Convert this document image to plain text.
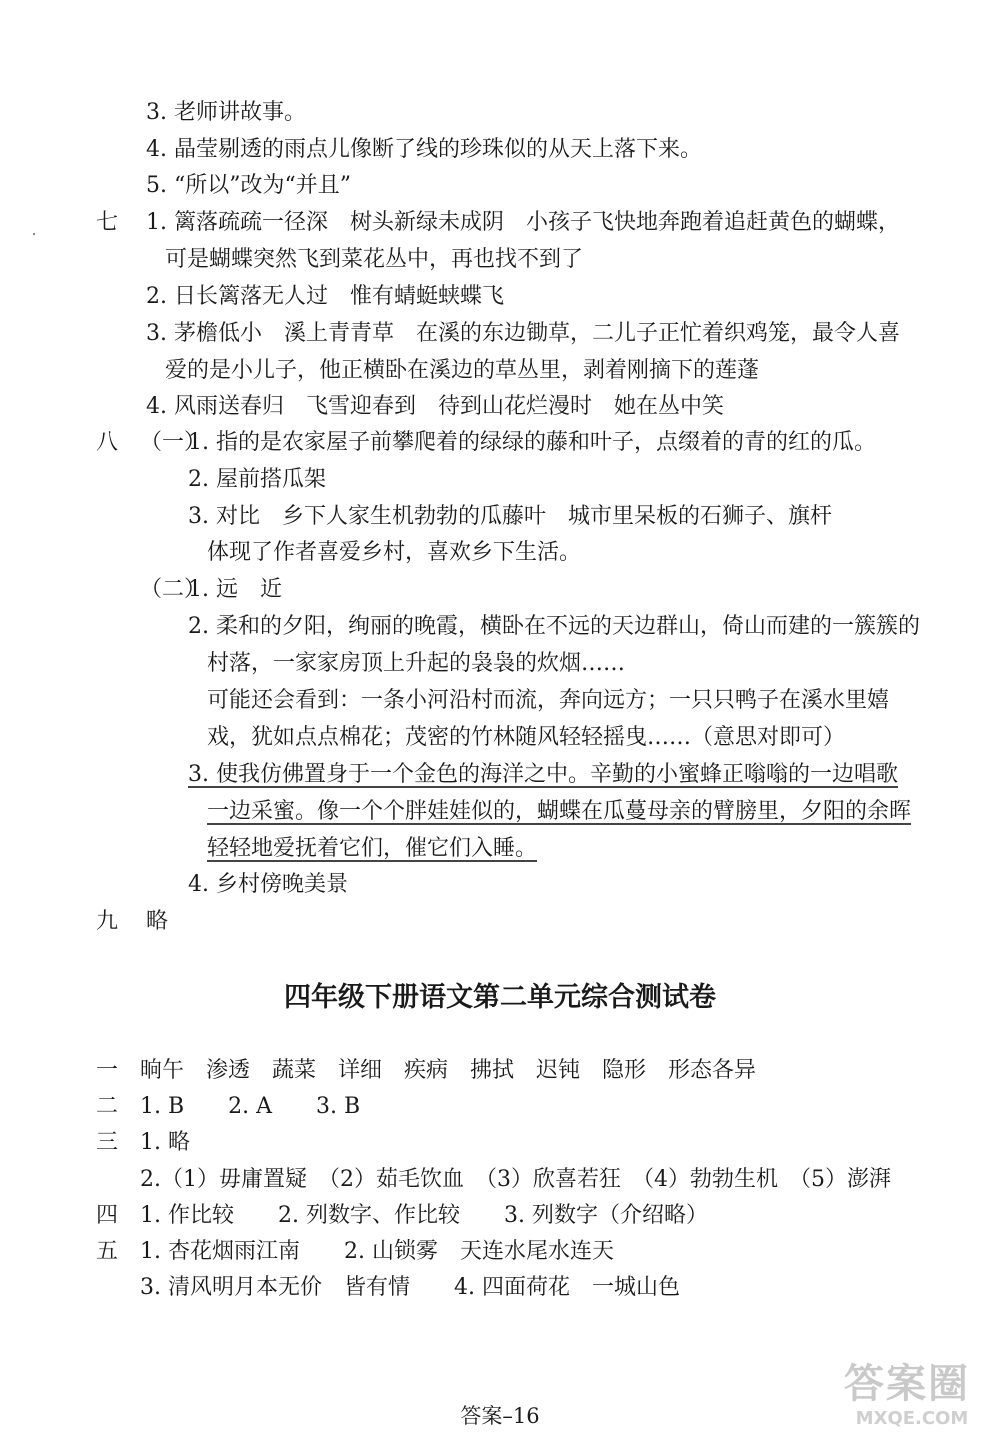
3. 老师讲故事。
4. 晶莹剔透的雨点儿像断了线的珍珠似的从天上落下来。
5. “所以”改为“并且”
七 1. 篱落疏疏一径深　树头新绿未成阴　小孩子飞快地奔跑着追赶黄色的蝴蝶，
可是蝴蝶突然飞到菜花丛中，再也找不到了
2. 日长篱落无人过　惟有蜻蜓蛱蝶飞
3. 茅檐低小　溪上青青草　在溪的东边锄草，二儿子正忙着织鸡笼，最令人喜
爱的是小儿子，他正横卧在溪边的草丛里，剥着刚摘下的莲蓬
4. 风雨送春归　飞雪迎春到　待到山花烂漫时　她在丛中笑
八 （一）
1. 指的是农家屋子前攀爬着的绿绿的藤和叶子，点缀着的青的红的瓜。
2. 屋前搭瓜架
3. 对比　乡下人家生机勃勃的瓜藤叶　城市里呆板的石狮子、旗杆
体现了作者喜爱乡村，喜欢乡下生活。
（二）
1. 远　近
2. 柔和的夕阳，绚丽的晚霞，横卧在不远的天边群山，倚山而建的一簇簇的
村落，一家家房顶上升起的袅袅的炊烟……
可能还会看到：一条小河沿村而流，奔向远方；一只只鸭子在溪水里嬉
戏，犹如点点棉花；茂密的竹林随风轻轻摇曳……（意思对即可）
3. 使我仿佛置身于一个金色的海洋之中。辛勤的小蜜蜂正嗡嗡的一边唱歌
一边采蜜。像一个个胖娃娃似的，蝴蝶在瓜蔓母亲的臂膀里，夕阳的余晖
轻轻地爱抚着它们，催它们入睡。
4. 乡村傍晚美景
九 略
四年级下册语文第二单元综合测试卷
一 晌午　渗透　蔬菜　详细　疾病　拂拭　迟钝　隐形　形态各异
二 1. B　　2. A　　3. B
三 1. 略
2.（1）毋庸置疑　（2）茹毛饮血　（3）欣喜若狂　（4）勃勃生机　（5）澎湃
四 1. 作比较　　2. 列数字、作比较　　3. 列数字（介绍略）
五 1. 杏花烟雨江南　　2. 山锁雾　天连水尾水连天
3. 清风明月本无价　皆有情　　4. 四面荷花　一城山色
答案–16
答案圈
MXQE.COM
